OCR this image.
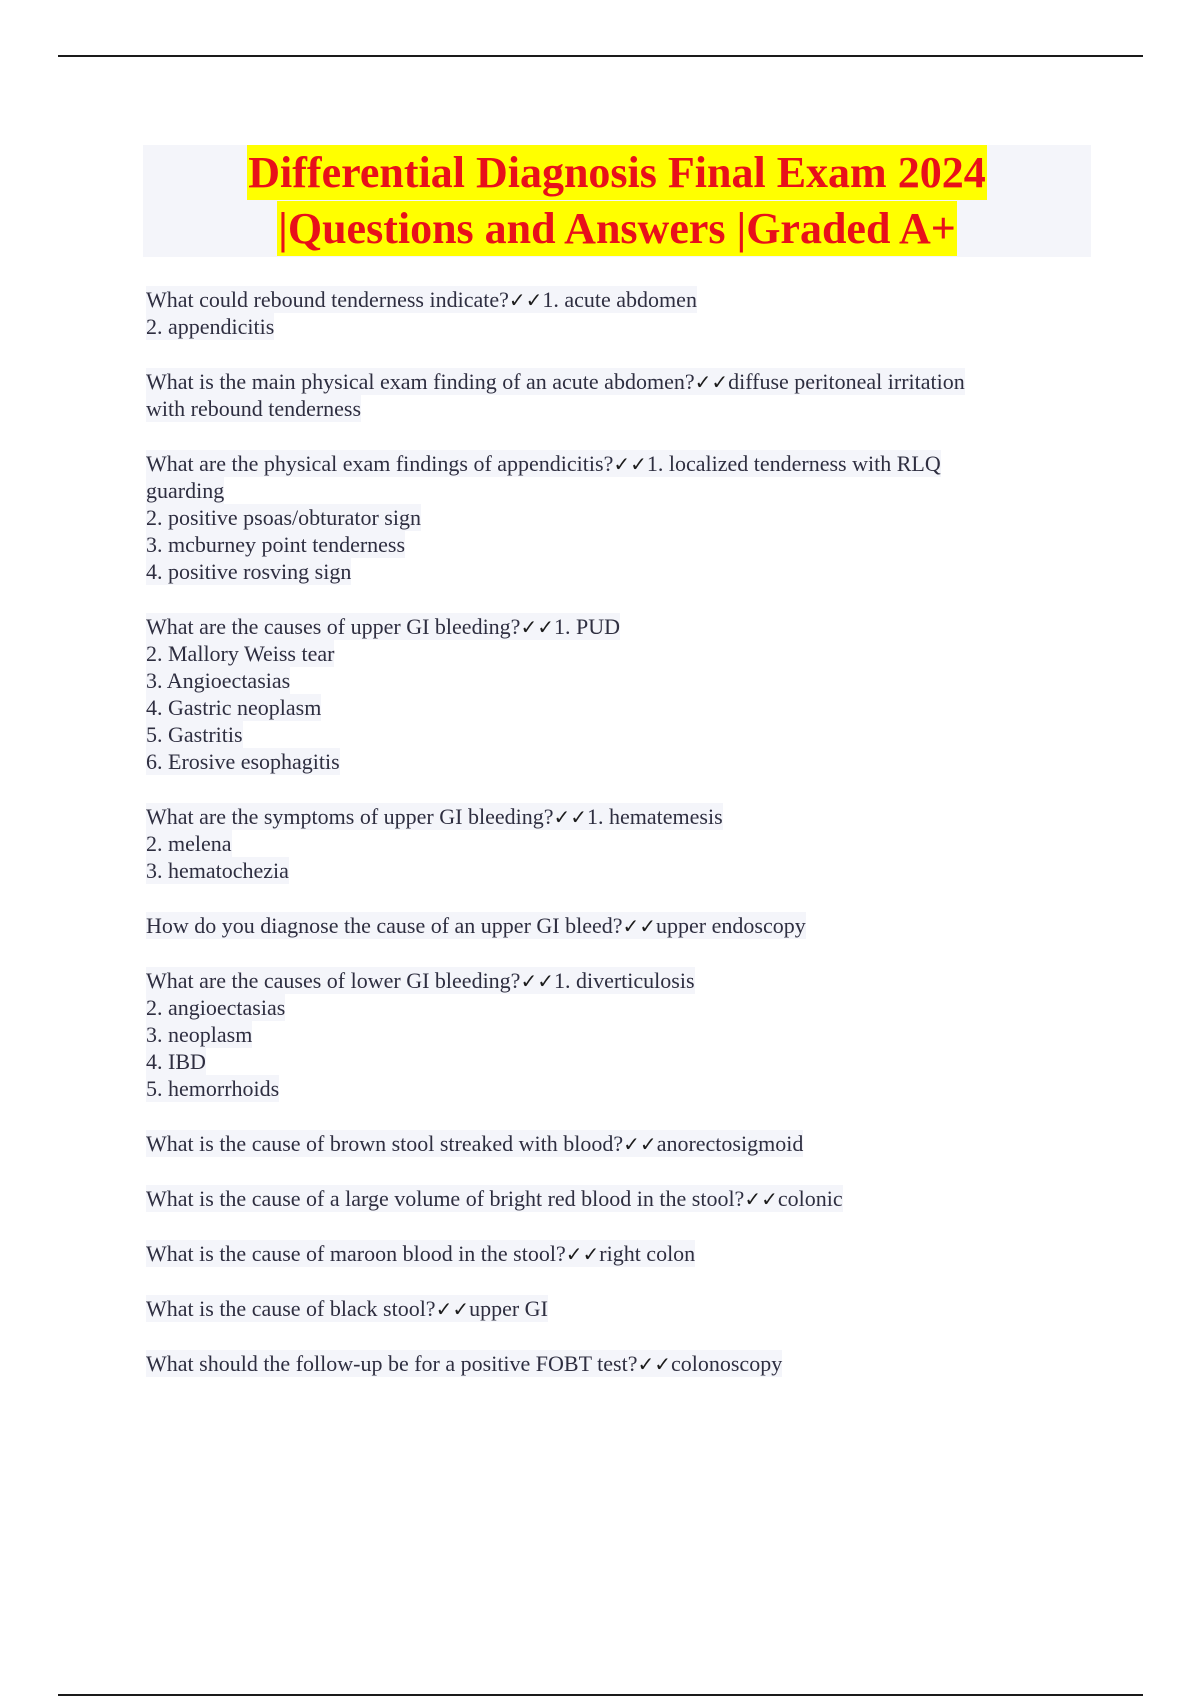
Differential Diagnosis Final Exam 2024
|Questions and Answers |Graded A+
What could rebound tenderness indicate?✓✓1. acute abdomen
2. appendicitis
What is the main physical exam finding of an acute abdomen?✓✓diffuse peritoneal irritation
with rebound tenderness
What are the physical exam findings of appendicitis?✓✓1. localized tenderness with RLQ
guarding
2. positive psoas/obturator sign
3. mcburney point tenderness
4. positive rosving sign
What are the causes of upper GI bleeding?✓✓1. PUD
2. Mallory Weiss tear
3. Angioectasias
4. Gastric neoplasm
5. Gastritis
6. Erosive esophagitis
What are the symptoms of upper GI bleeding?✓✓1. hematemesis
2. melena
3. hematochezia
How do you diagnose the cause of an upper GI bleed?✓✓upper endoscopy
What are the causes of lower GI bleeding?✓✓1. diverticulosis
2. angioectasias
3. neoplasm
4. IBD
5. hemorrhoids
What is the cause of brown stool streaked with blood?✓✓anorectosigmoid
What is the cause of a large volume of bright red blood in the stool?✓✓colonic
What is the cause of maroon blood in the stool?✓✓right colon
What is the cause of black stool?✓✓upper GI
What should the follow-up be for a positive FOBT test?✓✓colonoscopy
